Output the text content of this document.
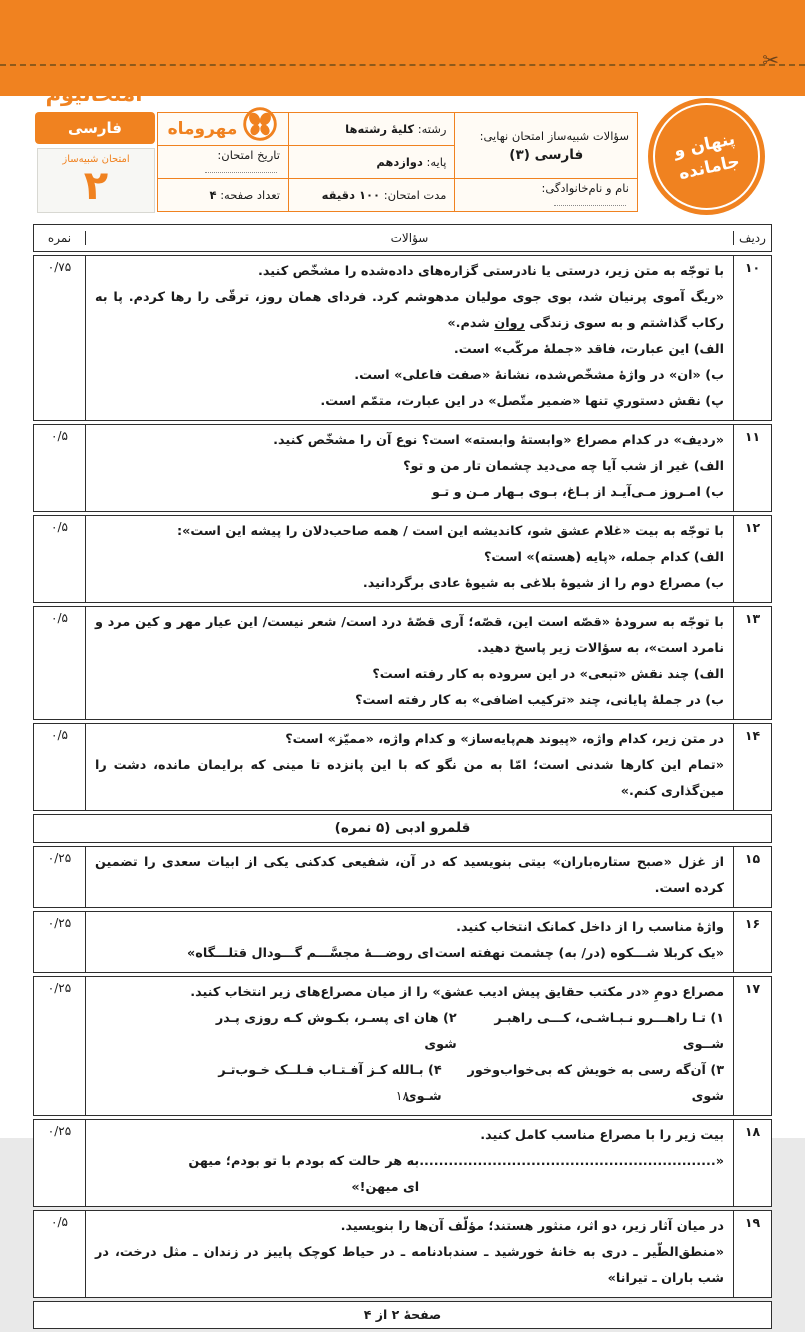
✂
امتحانیوم
فارسی
امتحان شبیه‌ساز
۲
سؤالات شبیه‌ساز امتحان نهایی:
فارسی (۳)	رشته: کلیهٔ رشته‌ها	مهروماه

	پایه: دوازدهم	تاریخ امتحان:
نام و نام‌خانوادگی:	مدت امتحان: ۱۰۰ دقیقه	تعداد صفحه: ۴
پنهان و
جامانده
ردیف
سؤالات
نمره
۱۰
با توجّه به متن زیر، درستی یا نادرستی گزاره‌های داده‌شده را مشخّص کنید.
«ریگ آموی پرنیان شد، بوی جوی مولیان مدهوشم کرد. فردای همان روز، ترقّی را رها کردم. پا به رکاب گذاشتم و به سوی زندگی روان شدم.»
الف) این عبارت، فاقد «جملهٔ مرکّب» است.
ب) «ان» در واژهٔ مشخّص‌شده، نشانهٔ «صفت فاعلی» است.
پ) نقش دستوریِ تنها «ضمیر متّصل» در این عبارت، متمّم است.
۰/۷۵
۱۱
«ردیف» در کدام مصراع «وابستهٔ وابسته» است؟ نوع آن را مشخّص کنید.
الف) غیر از شب آیا چه می‌دید چشمان تار من و تو؟
ب) امـروز مـی‌آیـد از بـاغ، بـوی بـهار مـن و تـو
۰/۵
۱۲
با توجّه به بیت «غلام عشق شو، کاندیشه این است / همه صاحب‌دلان را پیشه این است»:
الف) کدام جمله، «پایه (هسته)» است؟
ب) مصراع دوم را از شیوهٔ بلاغی به شیوهٔ عادی برگردانید.
۰/۵
۱۳
با توجّه به سرودهٔ «قصّه است این، قصّه؛ آری قصّهٔ درد است/ شعر نیست/ این عیار مهر و کین مرد و نامرد است»، به سؤالات زیر پاسخ دهید.
الف) چند نقش «تبعی» در این سروده به کار رفته است؟
ب) در جملهٔ پایانی، چند «ترکیب اضافی» به کار رفته است؟
۰/۵
۱۴
در متن زیر، کدام واژه، «پیوند هم‌پایه‌ساز» و کدام واژه، «ممیّز» است؟
«تمام این کارها شدنی است؛ امّا به من نگو که با این پانزده تا مینی که برایمان مانده، دشت را مین‌گذاری کنم.»
۰/۵
قلمرو ادبی (۵ نمره)
۱۵
از غزل «صبح ستاره‌باران» بیتی بنویسید که در آن، شفیعی کدکنی یکی از ابیات سعدی را تضمین کرده است.
۰/۲۵
۱۶
واژهٔ مناسب را از داخل کمانک انتخاب کنید.
«یک کربلا شـــکوه (در/ به) چشمت نهفته است
ای روضـــهٔ مجسَّـــم گـــودال قتلـــگاه»
۰/۲۵
۱۷
مصراع دومِ «در مکتب حقایق پیش ادیب عشق» را از میان مصراع‌های زیر انتخاب کنید.
۱) تـا راهـــرو نـبـاشـی، کـــی راهبـر شــوی
۲) هان ای پسـر، بکـوش کـه روزی پـدر شوی
۳) آن‌گه رسی به خویش که بی‌خواب‌وخور شوی
۴) بـالله کـز آفـتـاب فـلــک خـوب‌تـر شـوی
۰/۲۵
۱۸
بیت زیر را با مصراع مناسب کامل کنید.
«.............................................................
به هر حالت که بودم با تو بودم؛ میهن ای میهن!»
۰/۲۵
۱۹
در میان آثار زیر، دو اثر، منثور هستند؛ مؤلّف آن‌ها را بنویسید.
«منطق‌الطّیر ـ دری به خانهٔ خورشید ـ سندبادنامه ـ در حیاط کوچک پاییز در زندان ـ مثل درخت، در شب باران ـ تیرانا»
۰/۵
صفحهٔ ۲ از ۴
۱۸
